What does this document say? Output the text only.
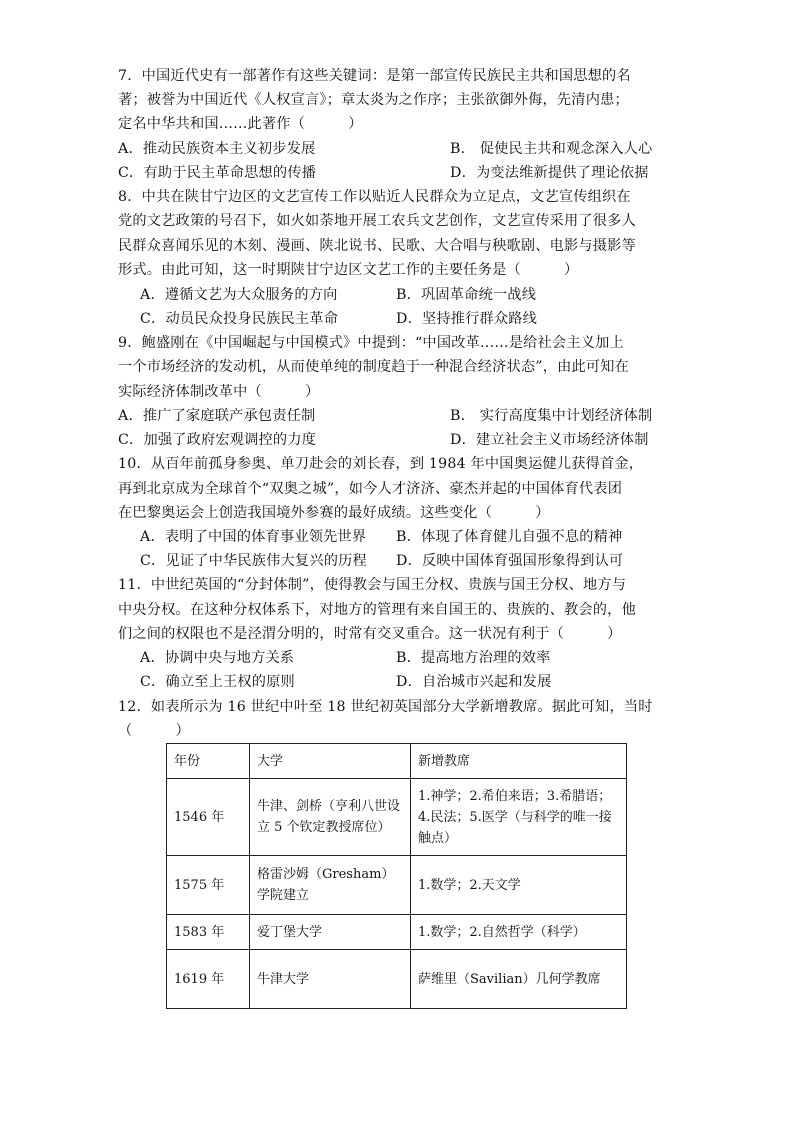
7．中国近代史有一部著作有这些关键词：是第一部宣传民族民主共和国思想的名
著；被誉为中国近代《人权宣言》；章太炎为之作序；主张欲御外侮，先清内患；
定名中华共和国……此著作（　　　）
A．推动民族资本主义初步发展	B． 促使民主共和观念深入人心
C．有助于民主革命思想的传播	D．为变法维新提供了理论依据
8．中共在陕甘宁边区的文艺宣传工作以贴近人民群众为立足点，文艺宣传组织在
党的文艺政策的号召下，如火如荼地开展工农兵文艺创作，文艺宣传采用了很多人
民群众喜闻乐见的木刻、漫画、陕北说书、民歌、大合唱与秧歌剧、电影与摄影等
形式。由此可知，这一时期陕甘宁边区文艺工作的主要任务是（　　　）
A．遵循文艺为大众服务的方向	B．巩固革命统一战线
C．动员民众投身民族民主革命	D．坚持推行群众路线
9．鲍盛刚在《中国崛起与中国模式》中提到：“中国改革……是给社会主义加上
一个市场经济的发动机，从而使单纯的制度趋于一种混合经济状态”，由此可知在
实际经济体制改革中（　　　）
A．推广了家庭联产承包责任制	B． 实行高度集中计划经济体制
C．加强了政府宏观调控的力度	D．建立社会主义市场经济体制
10．从百年前孤身参奥、单刀赴会的刘长春，到 1984 年中国奥运健儿获得首金，
再到北京成为全球首个“双奥之城”，如今人才济济、豪杰并起的中国体育代表团
在巴黎奥运会上创造我国境外参赛的最好成绩。这些变化（　　　）
A．表明了中国的体育事业领先世界 B．体现了体育健儿自强不息的精神
C．见证了中华民族伟大复兴的历程 D．反映中国体育强国形象得到认可
11．中世纪英国的“分封体制”，使得教会与国王分权、贵族与国王分权、地方与
中央分权。在这种分权体系下，对地方的管理有来自国王的、贵族的、教会的，他
们之间的权限也不是泾渭分明的，时常有交叉重合。这一状况有利于（　　　）
A．协调中央与地方关系	B．提高地方治理的效率
C．确立至上王权的原则	D．自治城市兴起和发展
12．如表所示为 16 世纪中叶至 18 世纪初英国部分大学新增教席。据此可知，当时
（　　　）
年份	大学	新增教席
1546 年	牛津、剑桥（亨利八世设立 5 个钦定教授席位）	1.神学；2.希伯来语；3.希腊语；4.民法；5.医学（与科学的唯一接触点）
1575 年	格雷沙姆（Gresham）学院建立	1.数学；2.天文学
1583 年	爱丁堡大学	1.数学；2.自然哲学（科学）
1619 年	牛津大学	萨维里（Savilian）几何学教席
